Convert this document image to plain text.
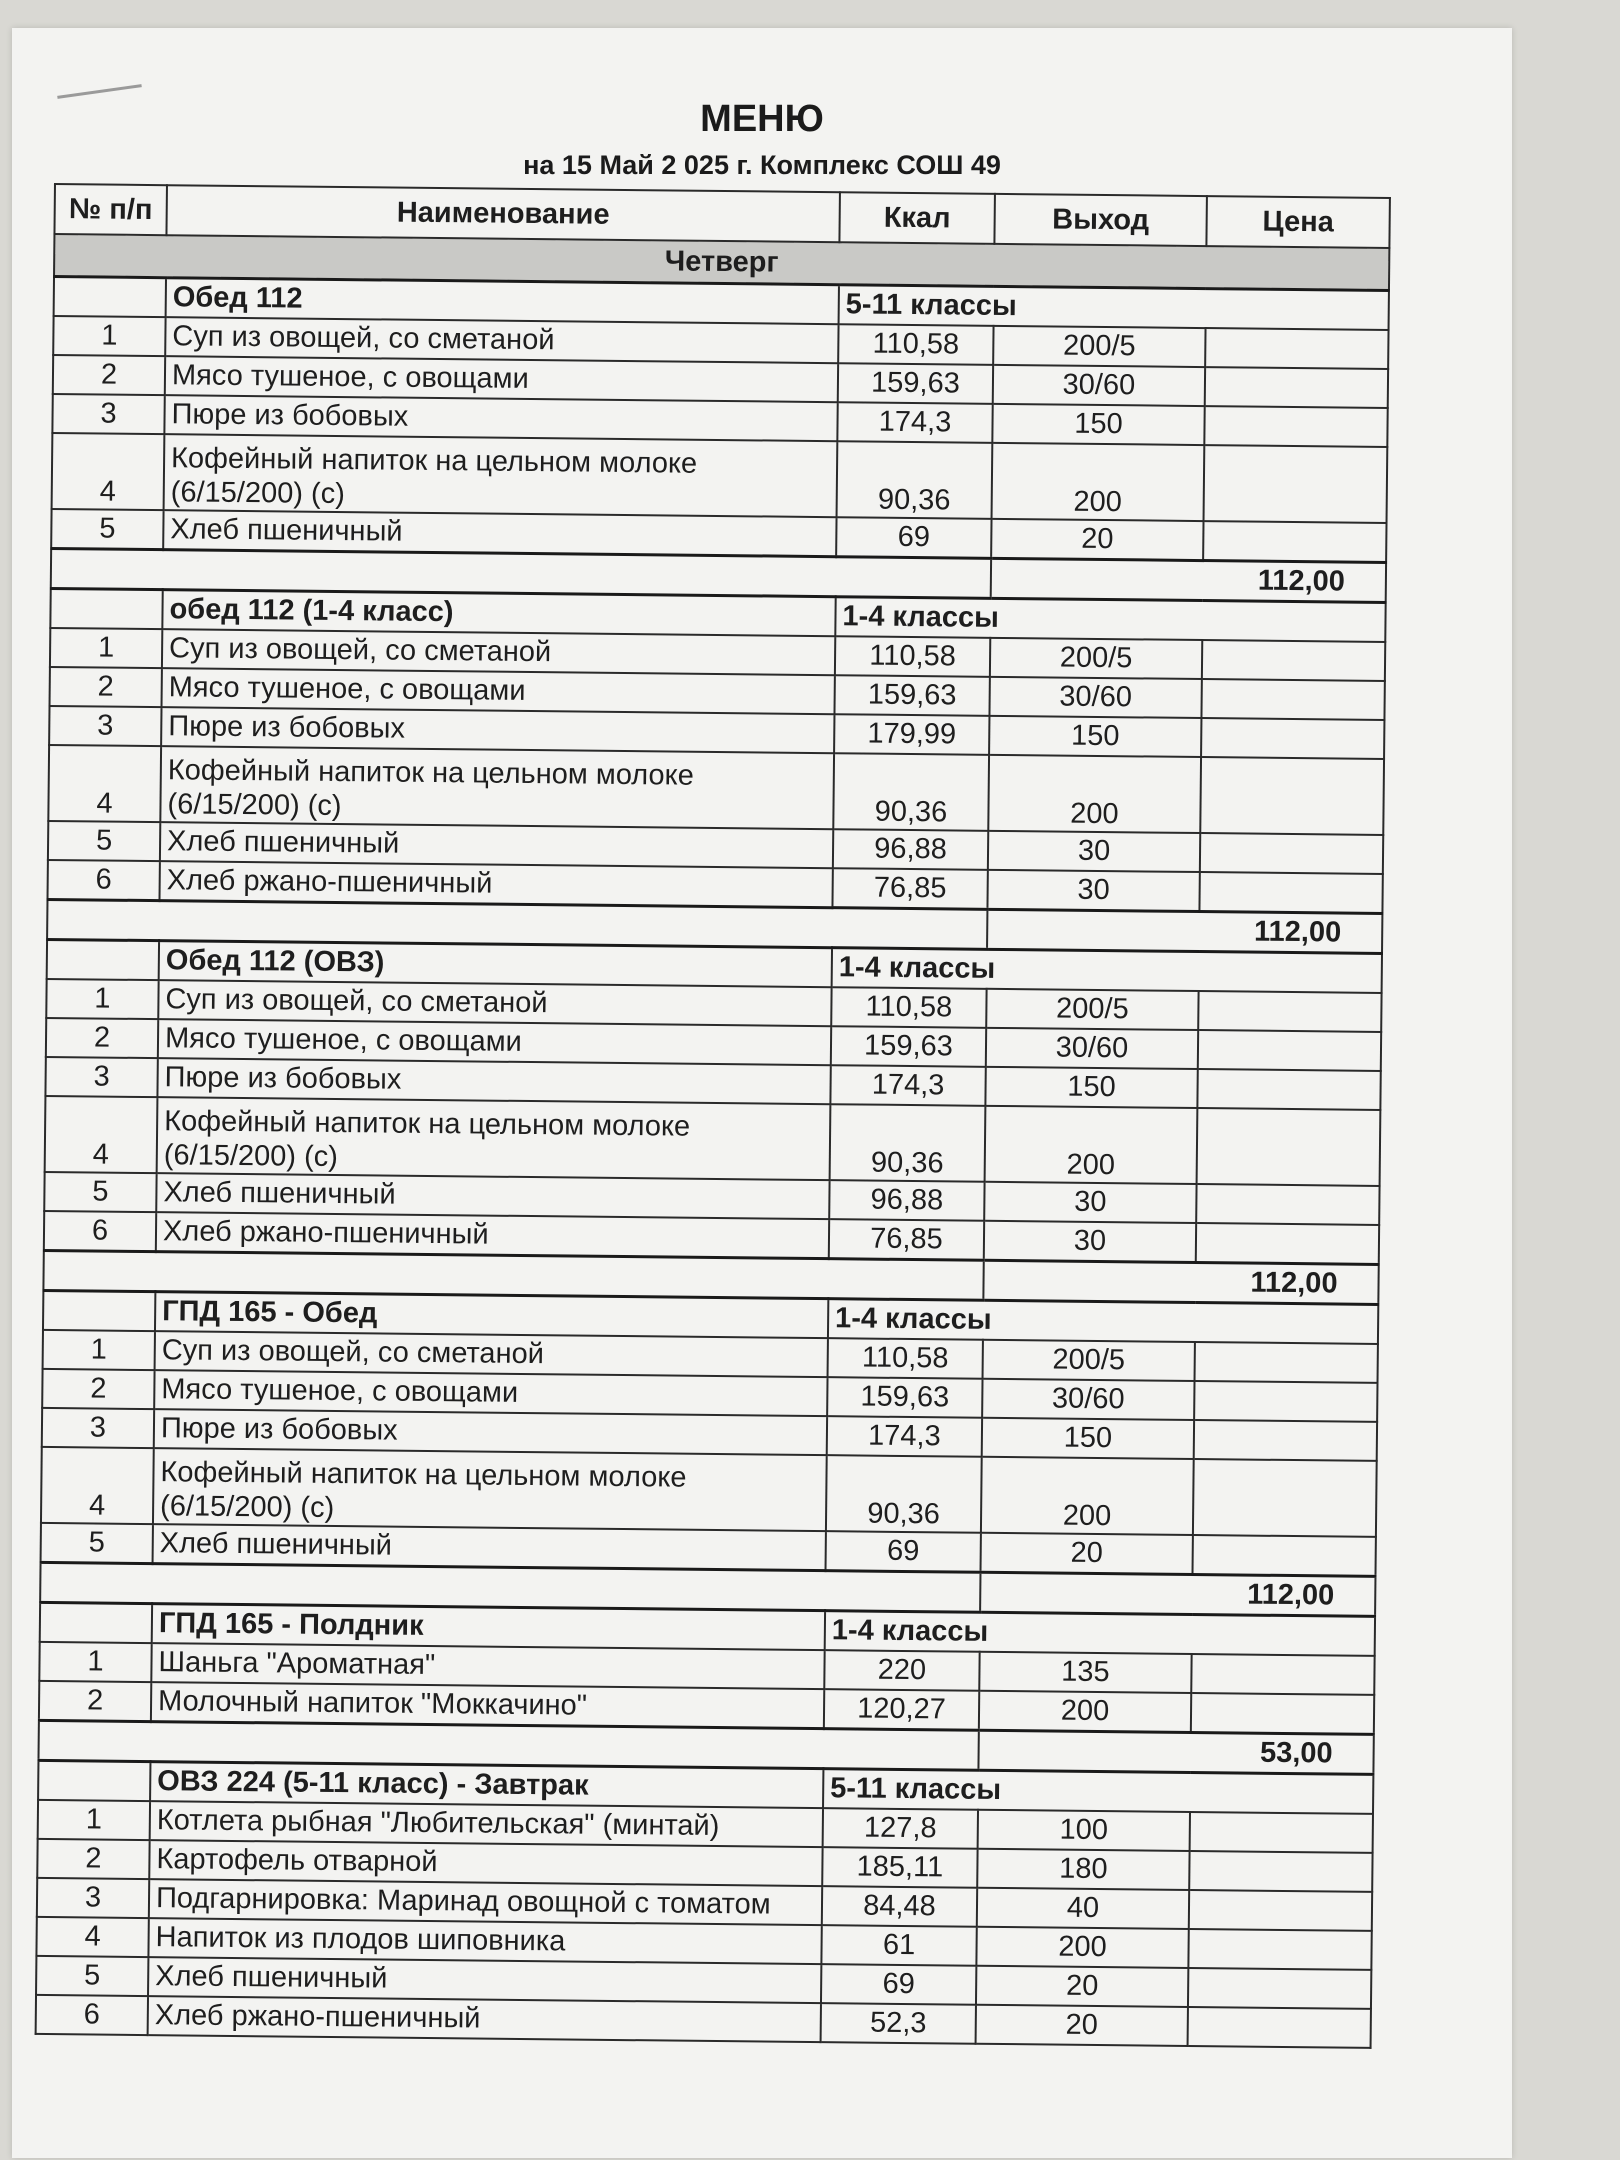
МЕНЮ
на 15 Май 2 025 г. Комплекс СОШ 49
№ п/п	Наименование	Ккал	Выход	Цена
Четверг				
	Обед 112	5-11 классы		
1	Суп из овощей, со сметаной	110,58	200/5	
2	Мясо тушеное, с овощами	159,63	30/60	
3	Пюре из бобовых	174,3	150	
4	Кофейный напиток на цельном молоке (6/15/200) (с)	90,36	200	
5	Хлеб пшеничный	69	20	
			112,00	
	обед 112 (1-4 класс)	1-4 классы		
1	Суп из овощей, со сметаной	110,58	200/5	
2	Мясо тушеное, с овощами	159,63	30/60	
3	Пюре из бобовых	179,99	150	
4	Кофейный напиток на цельном молоке (6/15/200) (с)	90,36	200	
5	Хлеб пшеничный	96,88	30	
6	Хлеб ржано-пшеничный	76,85	30	
			112,00	
	Обед 112 (ОВЗ)	1-4 классы		
1	Суп из овощей, со сметаной	110,58	200/5	
2	Мясо тушеное, с овощами	159,63	30/60	
3	Пюре из бобовых	174,3	150	
4	Кофейный напиток на цельном молоке (6/15/200) (с)	90,36	200	
5	Хлеб пшеничный	96,88	30	
6	Хлеб ржано-пшеничный	76,85	30	
			112,00	
	ГПД 165 - Обед	1-4 классы		
1	Суп из овощей, со сметаной	110,58	200/5	
2	Мясо тушеное, с овощами	159,63	30/60	
3	Пюре из бобовых	174,3	150	
4	Кофейный напиток на цельном молоке (6/15/200) (с)	90,36	200	
5	Хлеб пшеничный	69	20	
			112,00	
	ГПД 165 - Полдник	1-4 классы		
1	Шаньга "Ароматная"	220	135	
2	Молочный напиток "Моккачино"	120,27	200	
			53,00	
	ОВЗ 224 (5-11 класс) - Завтрак	5-11 классы		
1	Котлета рыбная "Любительская" (минтай)	127,8	100	
2	Картофель отварной	185,11	180	
3	Подгарнировка: Маринад овощной с томатом	84,48	40	
4	Напиток из плодов шиповника	61	200	
5	Хлеб пшеничный	69	20	
6	Хлеб ржано-пшеничный	52,3	20	
